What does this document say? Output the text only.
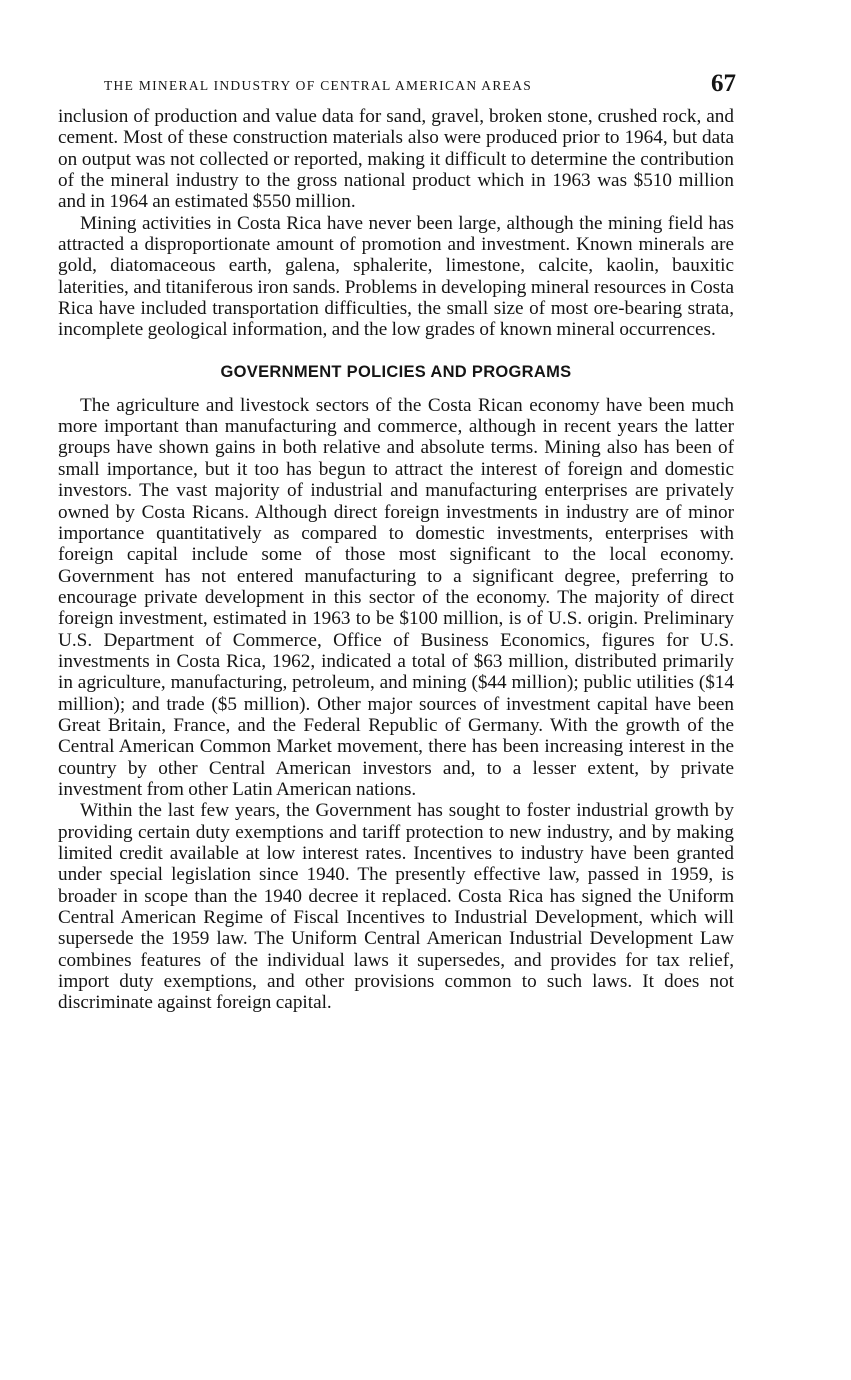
THE MINERAL INDUSTRY OF CENTRAL AMERICAN AREAS	67

inclusion of production and value data for sand, gravel, broken stone, crushed rock, and cement. Most of these construction materials also were produced prior to 1964, but data on output was not collected or reported, making it difficult to determine the contribution of the mineral industry to the gross national product which in 1963 was $510 million and in 1964 an estimated $550 million.

Mining activities in Costa Rica have never been large, although the mining field has attracted a disproportionate amount of promotion and investment. Known minerals are gold, diatomaceous earth, galena, sphalerite, limestone, calcite, kaolin, bauxitic laterities, and titaniferous iron sands. Problems in developing mineral resources in Costa Rica have included transportation difficulties, the small size of most ore-bearing strata, incomplete geological information, and the low grades of known mineral occurrences.

GOVERNMENT POLICIES AND PROGRAMS

The agriculture and livestock sectors of the Costa Rican economy have been much more important than manufacturing and commerce, although in recent years the latter groups have shown gains in both relative and absolute terms. Mining also has been of small importance, but it too has begun to attract the interest of foreign and domestic investors. The vast majority of industrial and manufacturing enterprises are privately owned by Costa Ricans. Although direct foreign investments in industry are of minor importance quantitatively as compared to domestic investments, enterprises with foreign capital include some of those most significant to the local economy. Government has not entered manufacturing to a significant degree, preferring to encourage private development in this sector of the economy. The majority of direct foreign investment, estimated in 1963 to be $100 million, is of U.S. origin. Preliminary U.S. Department of Commerce, Office of Business Economics, figures for U.S. investments in Costa Rica, 1962, indicated a total of $63 million, distributed primarily in agriculture, manufacturing, petroleum, and mining ($44 million); public utilities ($14 million); and trade ($5 million). Other major sources of investment capital have been Great Britain, France, and the Federal Republic of Germany. With the growth of the Central American Common Market movement, there has been increasing interest in the country by other Central American investors and, to a lesser extent, by private investment from other Latin American nations.

Within the last few years, the Government has sought to foster industrial growth by providing certain duty exemptions and tariff protection to new industry, and by making limited credit available at low interest rates. Incentives to industry have been granted under special legislation since 1940. The presently effective law, passed in 1959, is broader in scope than the 1940 decree it replaced. Costa Rica has signed the Uniform Central American Regime of Fiscal Incentives to Industrial Development, which will supersede the 1959 law. The Uniform Central American Industrial Development Law combines features of the individual laws it supersedes, and provides for tax relief, import duty exemptions, and other provisions common to such laws. It does not discriminate against foreign capital.
